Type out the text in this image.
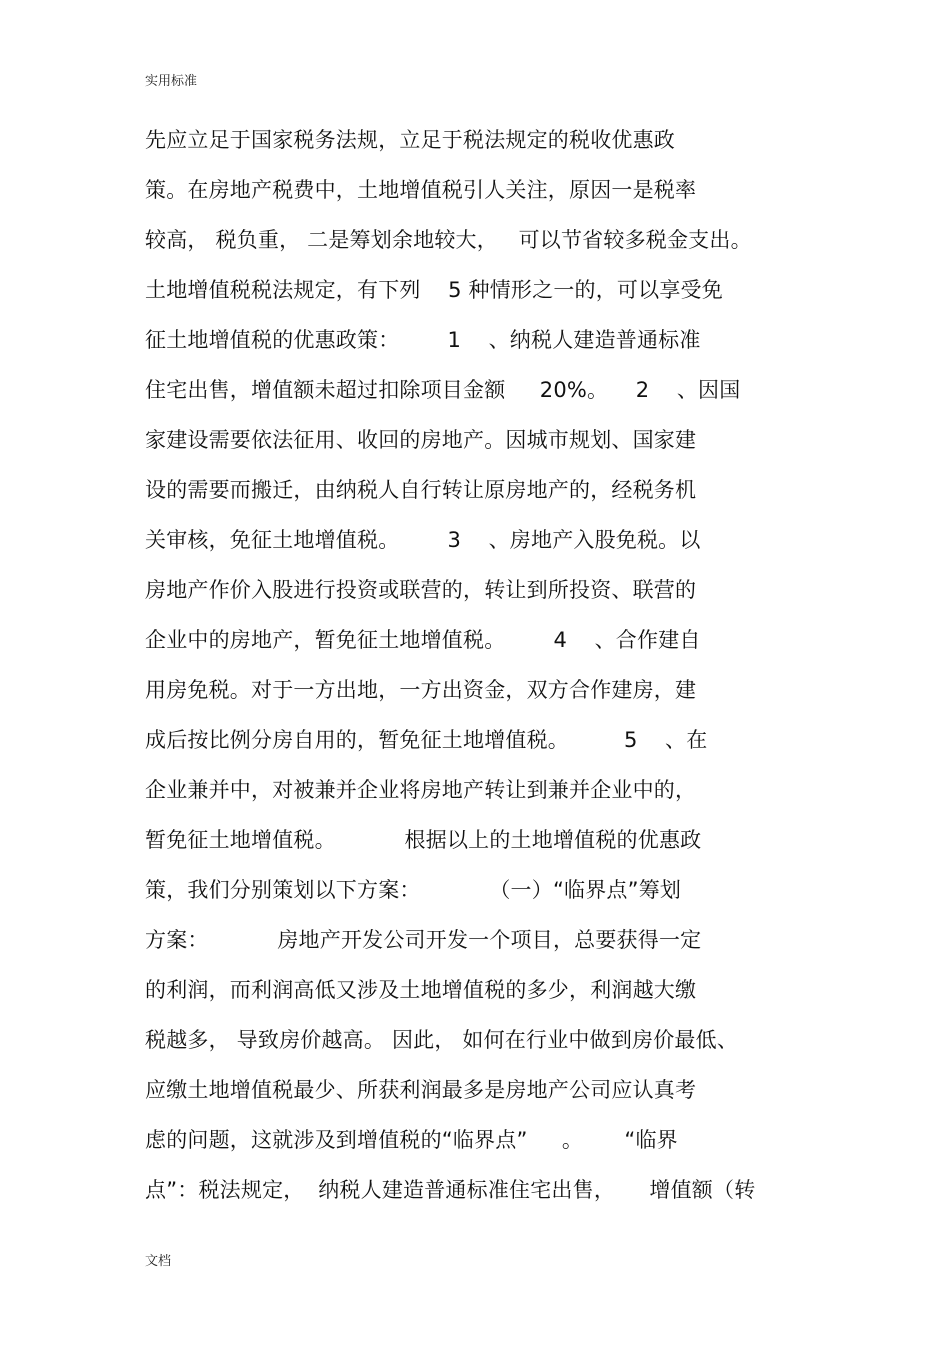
实用标准
先应立足于国家税务法规，立足于税法规定的税收优惠政
策。在房地产税费中，土地增值税引人关注，原因一是税率
较高， 税负重， 二是筹划余地较大，   可以节省较多税金支出。
土地增值税税法规定，有下列    5 种情形之一的，可以享受免
征土地增值税的优惠政策：       1    、纳税人建造普通标准
住宅出售，增值额未超过扣除项目金额     20%。    2    、因国
家建设需要依法征用、收回的房地产。因城市规划、国家建
设的需要而搬迁，由纳税人自行转让原房地产的，经税务机
关审核，免征土地增值税。       3    、房地产入股免税。以
房地产作价入股进行投资或联营的，转让到所投资、联营的
企业中的房地产，暂免征土地增值税。       4    、合作建自
用房免税。对于一方出地，一方出资金，双方合作建房，建
成后按比例分房自用的，暂免征土地增值税。        5    、在
企业兼并中，对被兼并企业将房地产转让到兼并企业中的，
暂免征土地增值税。          根据以上的土地增值税的优惠政
策，我们分别策划以下方案：          （一）“临界点”筹划
方案：          房地产开发公司开发一个项目，总要获得一定
的利润，而利润高低又涉及土地增值税的多少，利润越大缴
税越多， 导致房价越高。 因此， 如何在行业中做到房价最低、
应缴土地增值税最少、所获利润最多是房地产公司应认真考
虑的问题，这就涉及到增值税的“临界点”     。      “临界
点”：税法规定，  纳税人建造普通标准住宅出售，     增值额（转
文档
